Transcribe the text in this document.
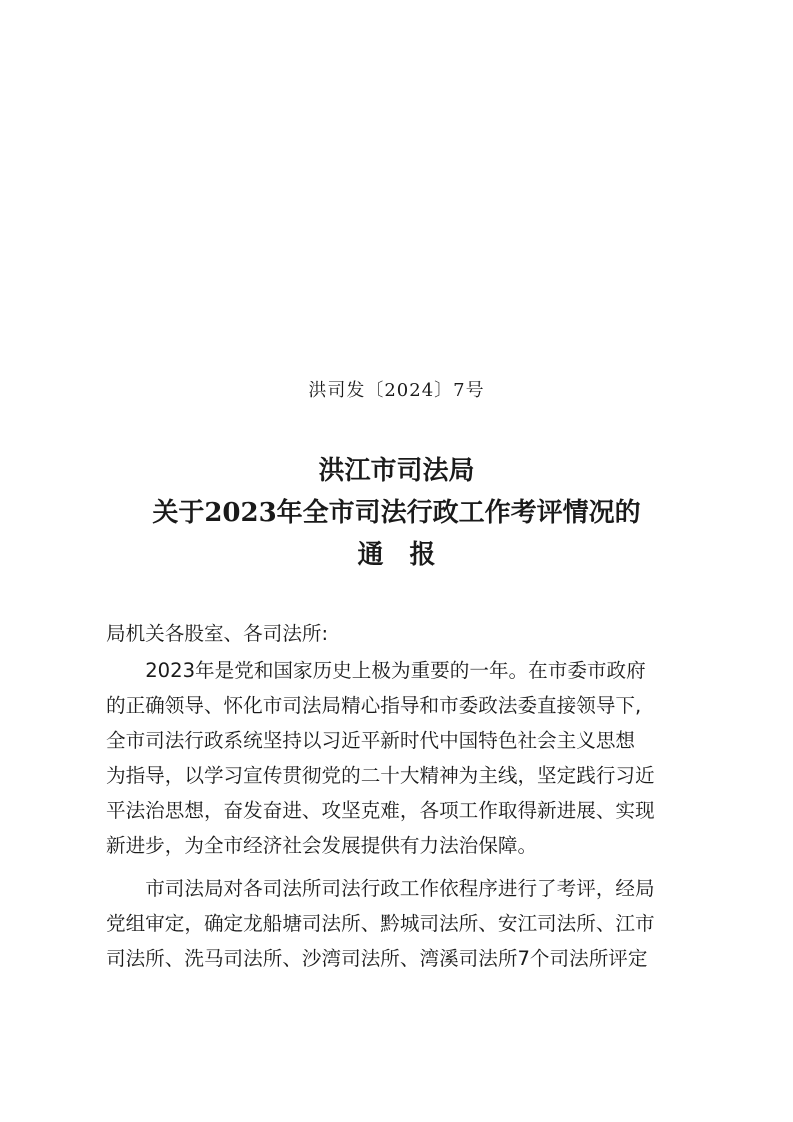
洪司发〔2024〕7号
洪江市司法局
关于2023年全市司法行政工作考评情况的
通　报

局机关各股室、各司法所:

2023年是党和国家历史上极为重要的一年。在市委市政府
的正确领导、怀化市司法局精心指导和市委政法委直接领导下,
全市司法行政系统坚持以习近平新时代中国特色社会主义思想
为指导，以学习宣传贯彻党的二十大精神为主线，坚定践行习近
平法治思想，奋发奋进、攻坚克难，各项工作取得新进展、实现
新进步，为全市经济社会发展提供有力法治保障。

市司法局对各司法所司法行政工作依程序进行了考评，经局
党组审定，确定龙船塘司法所、黔城司法所、安江司法所、江市
司法所、洗马司法所、沙湾司法所、湾溪司法所7个司法所评定
